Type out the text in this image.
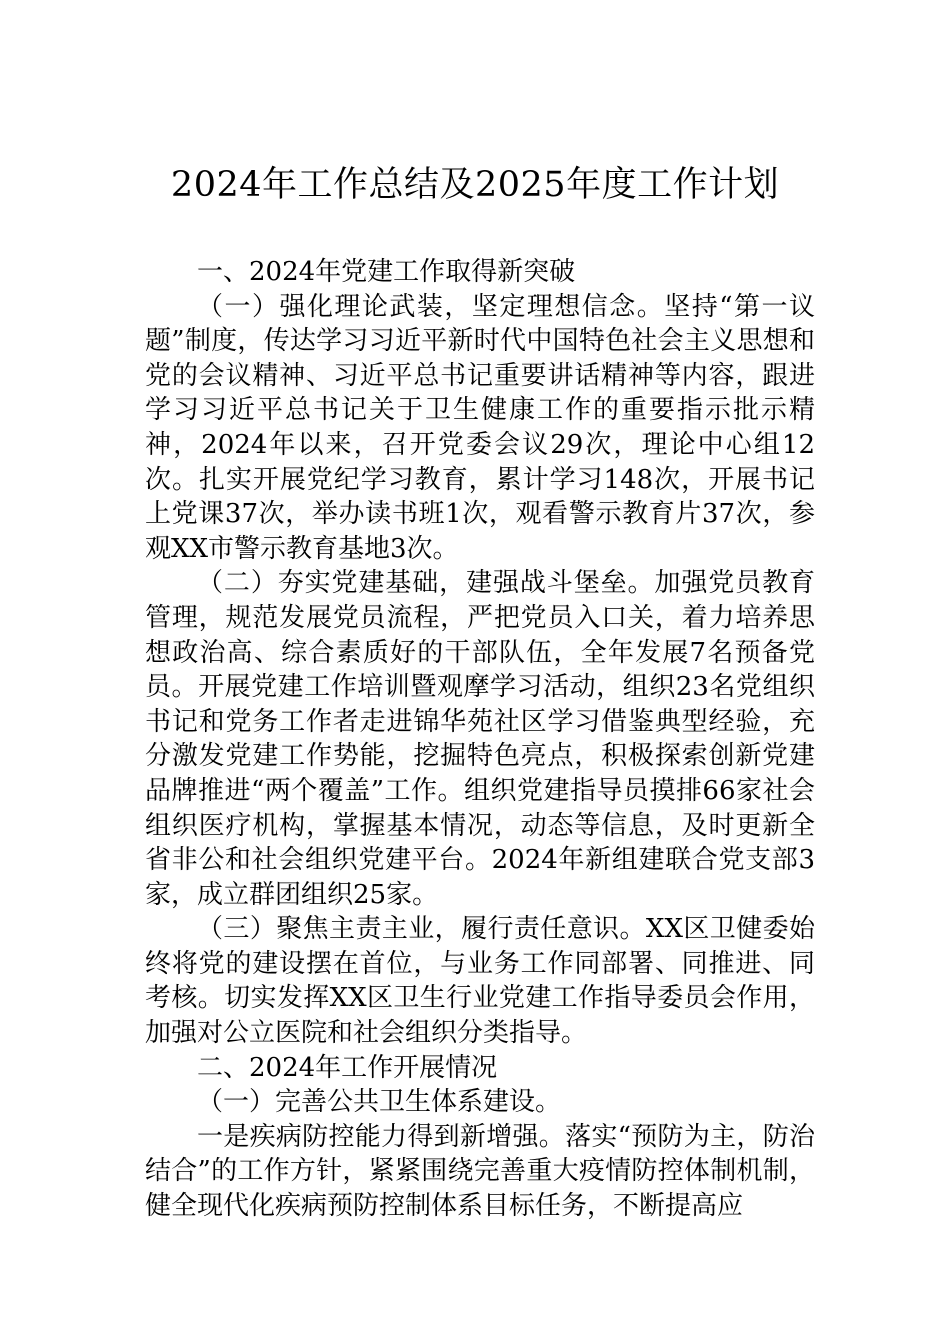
2024年工作总结及2025年度工作计划

一、2024年党建工作取得新突破

（一）强化理论武装，坚定理想信念。坚持“第一议题”制度，传达学习习近平新时代中国特色社会主义思想和党的会议精神、习近平总书记重要讲话精神等内容，跟进学习习近平总书记关于卫生健康工作的重要指示批示精神，2024年以来，召开党委会议29次，理论中心组12次。扎实开展党纪学习教育，累计学习148次，开展书记上党课37次，举办读书班1次，观看警示教育片37次，参观XX市警示教育基地3次。

（二）夯实党建基础，建强战斗堡垒。加强党员教育管理，规范发展党员流程，严把党员入口关，着力培养思想政治高、综合素质好的干部队伍，全年发展7名预备党员。开展党建工作培训暨观摩学习活动，组织23名党组织书记和党务工作者走进锦华苑社区学习借鉴典型经验，充分激发党建工作势能，挖掘特色亮点，积极探索创新党建品牌推进“两个覆盖”工作。组织党建指导员摸排66家社会组织医疗机构，掌握基本情况，动态等信息，及时更新全省非公和社会组织党建平台。2024年新组建联合党支部3家，成立群团组织25家。

（三）聚焦主责主业，履行责任意识。XX区卫健委始终将党的建设摆在首位，与业务工作同部署、同推进、同考核。切实发挥XX区卫生行业党建工作指导委员会作用，加强对公立医院和社会组织分类指导。

二、2024年工作开展情况

（一）完善公共卫生体系建设。

一是疾病防控能力得到新增强。落实“预防为主，防治结合”的工作方针，紧紧围绕完善重大疫情防控体制机制，健全现代化疾病预防控制体系目标任务，不断提高应
